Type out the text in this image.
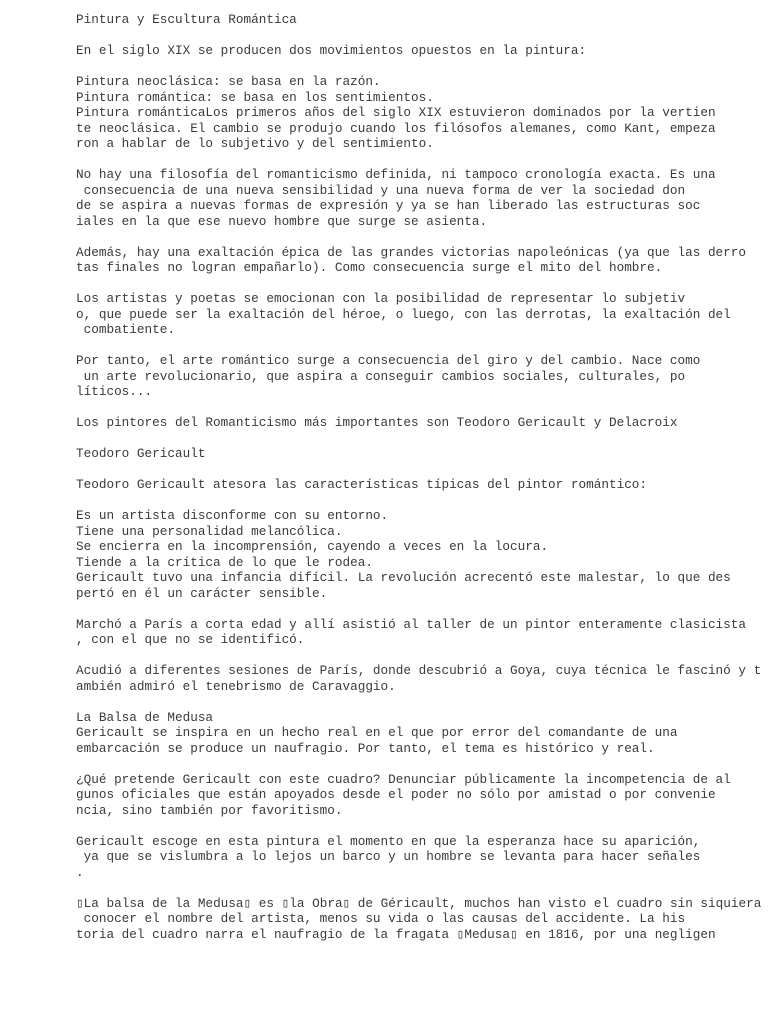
Pintura y Escultura Romántica
En el siglo XIX se producen dos movimientos opuestos en la pintura:
Pintura neoclásica: se basa en la razón.
Pintura romántica: se basa en los sentimientos.
Pintura románticaLos primeros años del siglo XIX estuvieron dominados por la vertien
te neoclásica. El cambio se produjo cuando los filósofos alemanes, como Kant, empeza
ron a hablar de lo subjetivo y del sentimiento.
No hay una filosofía del romanticismo definida, ni tampoco cronología exacta. Es una
consecuencia de una nueva sensibilidad y una nueva forma de ver la sociedad don
de se aspira a nuevas formas de expresión y ya se han liberado las estructuras soc
iales en la que ese nuevo hombre que surge se asienta.
Además, hay una exaltación épica de las grandes victorias napoleónicas (ya que las derro
tas finales no logran empañarlo). Como consecuencia surge el mito del hombre.
Los artistas y poetas se emocionan con la posibilidad de representar lo subjetiv
o, que puede ser la exaltación del héroe, o luego, con las derrotas, la exaltación del
combatiente.
Por tanto, el arte romántico surge a consecuencia del giro y del cambio. Nace como
un arte revolucionario, que aspira a conseguir cambios sociales, culturales, po
líticos...
Los pintores del Romanticismo más importantes son Teodoro Gericault y Delacroix
Teodoro Gericault
Teodoro Gericault atesora las características típicas del pintor romántico:
Es un artista disconforme con su entorno.
Tiene una personalidad melancólica.
Se encierra en la incomprensión, cayendo a veces en la locura.
Tiende a la crítica de lo que le rodea.
Gericault tuvo una infancia difícil. La revolución acrecentó este malestar, lo que des
pertó en él un carácter sensible.
Marchó a París a corta edad y allí asistió al taller de un pintor enteramente clasicista
, con el que no se identificó.
Acudió a diferentes sesiones de París, donde descubrió a Goya, cuya técnica le fascinó y t
ambién admiró el tenebrismo de Caravaggio.
La Balsa de Medusa
Gericault se inspira en un hecho real en el que por error del comandante de una
embarcación se produce un naufragio. Por tanto, el tema es histórico y real.
¿Qué pretende Gericault con este cuadro? Denunciar públicamente la incompetencia de al
gunos oficiales que están apoyados desde el poder no sólo por amistad o por convenie
ncia, sino también por favoritismo.
Gericault escoge en esta pintura el momento en que la esperanza hace su aparición,
ya que se vislumbra a lo lejos un barco y un hombre se levanta para hacer señales
.
▯La balsa de la Medusa▯ es ▯la Obra▯ de Géricault, muchos han visto el cuadro sin siquiera
conocer el nombre del artista, menos su vida o las causas del accidente. La his
toria del cuadro narra el naufragio de la fragata ▯Medusa▯ en 1816, por una negligen
